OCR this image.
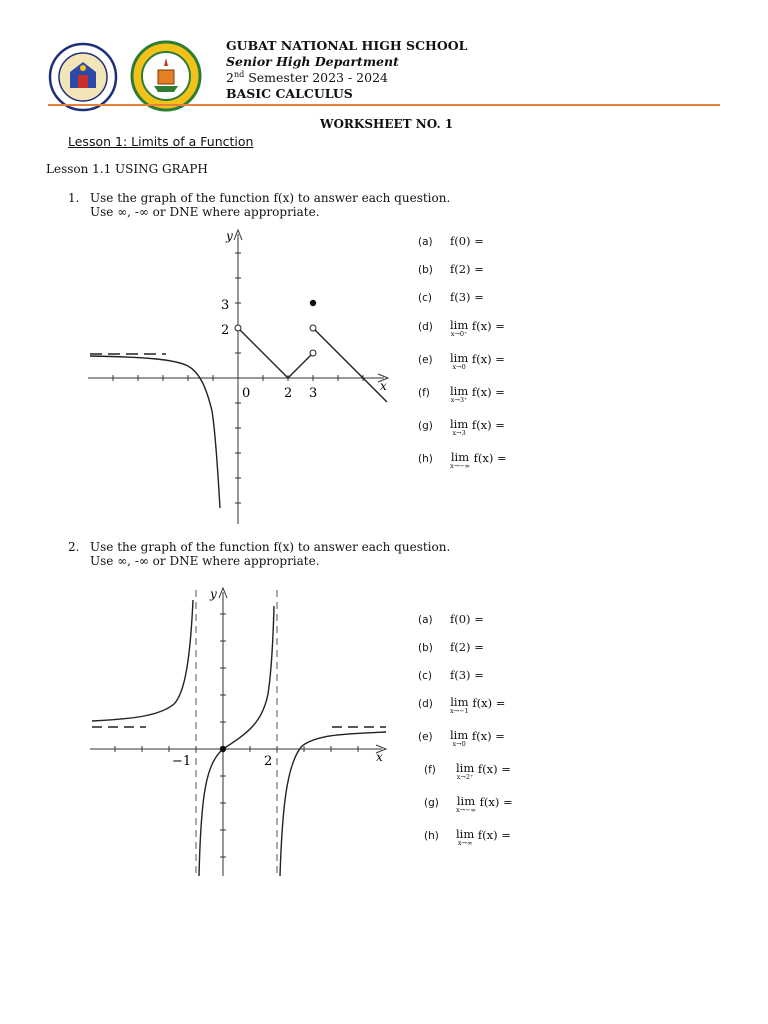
GUBAT NATIONAL HIGH SCHOOL
Senior High Department
2nd Semester 2023 - 2024
BASIC CALCULUS
WORKSHEET NO. 1
Lesson 1: Limits of a Function
Lesson 1.1 USING GRAPH
1. Use the graph of the function f(x) to answer each question.
Use ∞, -∞ or DNE where appropriate.
y
x
3
2
0	2 3
(a) f(0) =
(b) f(2) =
(c) f(3) =
(d) lim
x→0⁺
f(x) =
(e) lim
x→0
f(x) =
(f) lim
x→3⁺
f(x) =
(g) lim
x→3
f(x) =
(h) lim
x→−∞
f(x) =
2. Use the graph of the function f(x) to answer each question.
Use ∞, -∞ or DNE where appropriate.
y
x
−1	2
(a) f(0) =
(b) f(2) =
(c) f(3) =
(d) lim
x→−1
f(x) =
(e) lim
x→0
f(x) =
(f) lim
x→2⁺
f(x) =
(g) lim
x→−∞
f(x) =
(h) lim
x→∞
f(x) =
